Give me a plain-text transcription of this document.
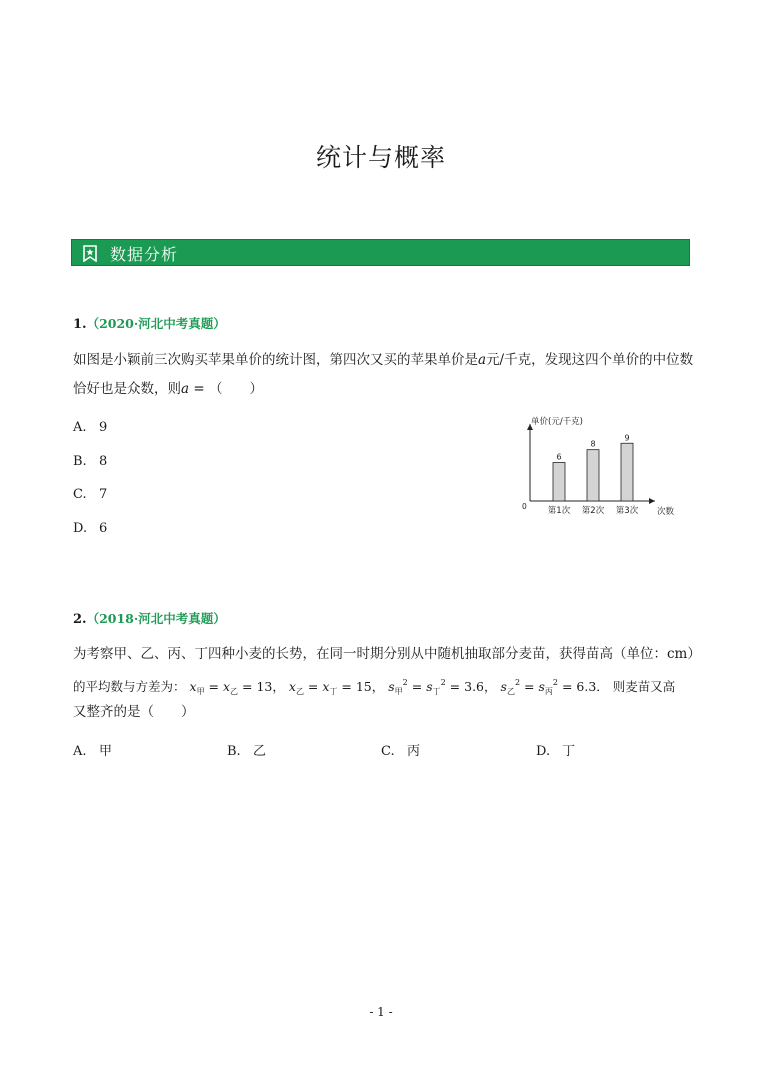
统计与概率
数据分析
1.（2020·河北中考真题）
如图是小颖前三次购买苹果单价的统计图，第四次又买的苹果单价是a元/千克，发现这四个单价的中位数
恰好也是众数，则a = （　　）
A. 9
B. 8
C. 7
D. 6
单价(元/千克)
次数
0
6
第1次
8
第2次
9
第3次
2.（2018·河北中考真题）
为考察甲、乙、丙、丁四种小麦的长势，在同一时期分别从中随机抽取部分麦苗，获得苗高（单位：cm）
的平均数与方差为： $x_甲 = x_乙 = 13$， $x_乙 = x_丁 = 15$， $s_甲^2 = s_丁^2 = 3.6$， $s_乙^2 = s_丙^2 = 6.3$． 则麦苗又高
又整齐的是（　　）
A. 甲	B. 乙	C. 丙	D. 丁
- 1 -
